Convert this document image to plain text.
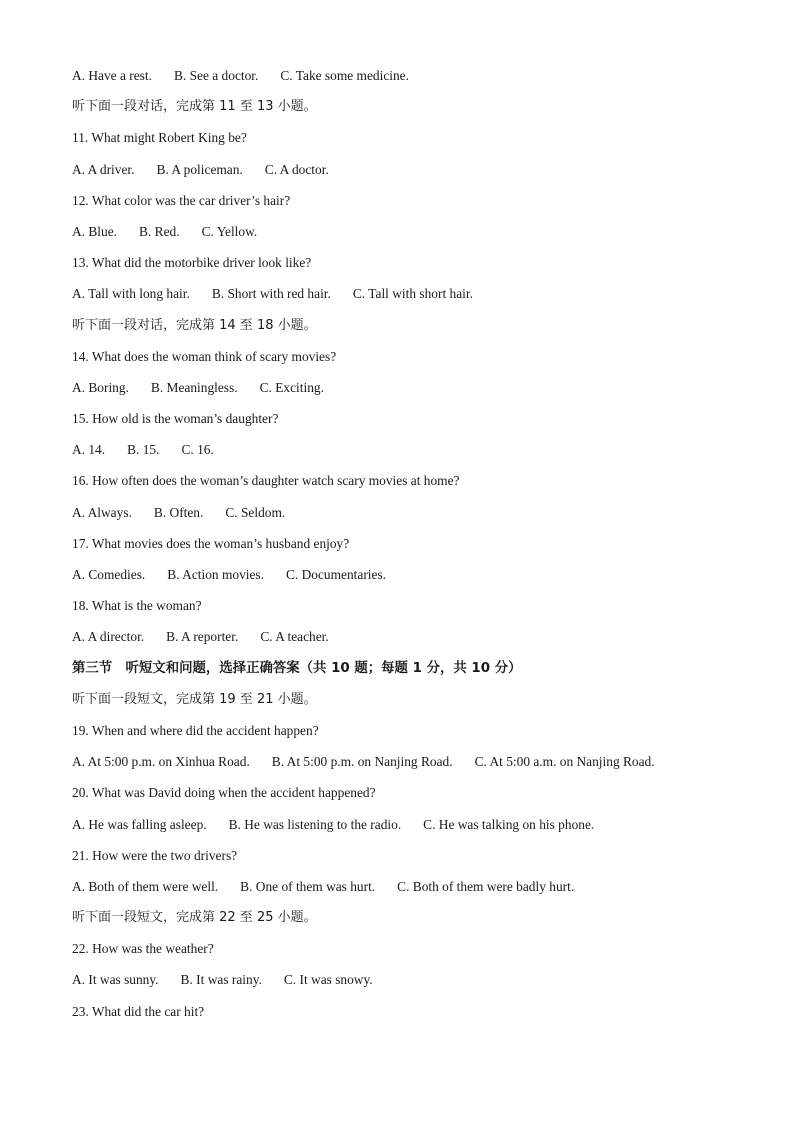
A. Have a rest. B. See a doctor. C. Take some medicine.
听下面一段对话，完成第 11 至 13 小题。
11. What might Robert King be?
A. A driver. B. A policeman. C. A doctor.
12. What color was the car driver’s hair?
A. Blue. B. Red. C. Yellow.
13. What did the motorbike driver look like?
A. Tall with long hair. B. Short with red hair. C. Tall with short hair.
听下面一段对话，完成第 14 至 18 小题。
14. What does the woman think of scary movies?
A. Boring. B. Meaningless. C. Exciting.
15. How old is the woman’s daughter?
A. 14. B. 15. C. 16.
16. How often does the woman’s daughter watch scary movies at home?
A. Always. B. Often. C. Seldom.
17. What movies does the woman’s husband enjoy?
A. Comedies. B. Action movies. C. Documentaries.
18. What is the woman?
A. A director. B. A reporter. C. A teacher.
第三节　听短文和问题，选择正确答案（共 10 题；每题 1 分，共 10 分）
听下面一段短文，完成第 19 至 21 小题。
19. When and where did the accident happen?
A. At 5:00 p.m. on Xinhua Road. B. At 5:00 p.m. on Nanjing Road. C. At 5:00 a.m. on Nanjing Road.
20. What was David doing when the accident happened?
A. He was falling asleep. B. He was listening to the radio. C. He was talking on his phone.
21. How were the two drivers?
A. Both of them were well. B. One of them was hurt. C. Both of them were badly hurt.
听下面一段短文，完成第 22 至 25 小题。
22. How was the weather?
A. It was sunny. B. It was rainy. C. It was snowy.
23. What did the car hit?
